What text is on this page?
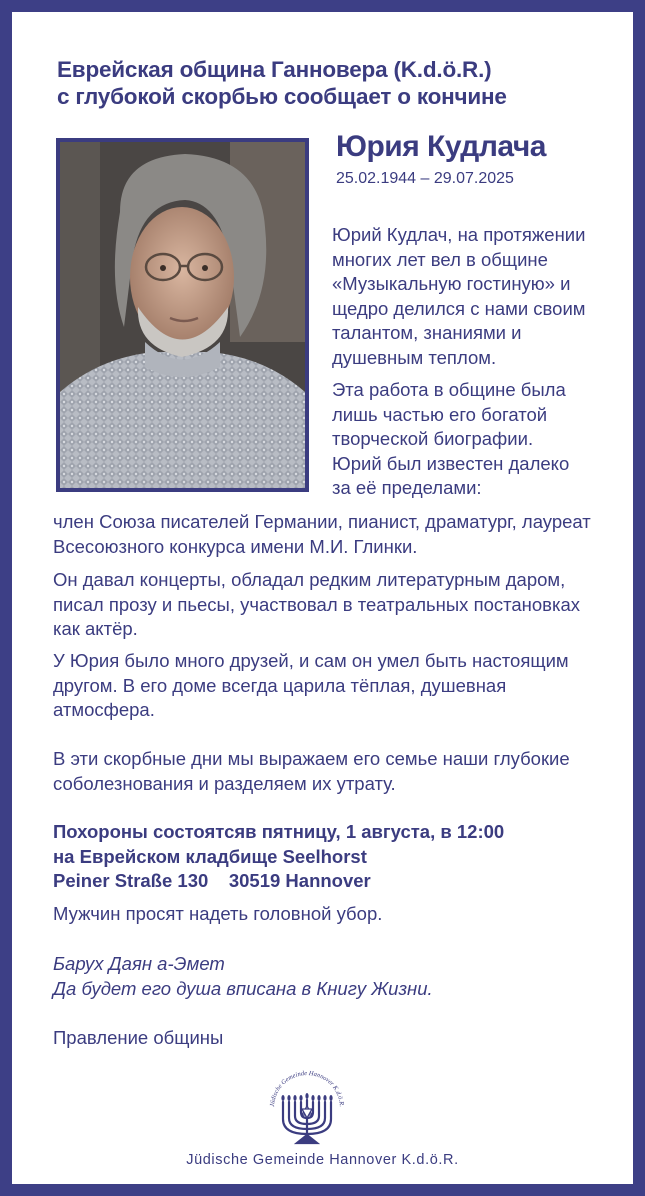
Еврейская община Ганновера (K.d.ö.R.)
с глубокой скорбью сообщает о кончине
Юрия Кудлача
25.02.1944 – 29.07.2025
Юрий Кудлач, на протяжении
многих лет вел в общине
«Музыкальную гостиную» и
щедро делился с нами своим
талантом, знаниями и
душевным теплом.
Эта работа в общине была
лишь частью его богатой
творческой биографии.
Юрий был известен далеко
за её пределами:
член Союза писателей Германии, пианист, драматург, лауреат
Всесоюзного конкурса имени М.И. Глинки.
Он давал концерты, обладал редким литературным даром,
писал прозу и пьесы, участвовал в театральных постановках
как актёр.
У Юрия было много друзей, и сам он умел быть настоящим
другом. В его доме всегда царила тёплая, душевная
атмосфера.
В эти скорбные дни мы выражаем его семье наши глубокие
соболезнования и разделяем их утрату.
Похороны состоятсяв пятницу, 1 августа, в 12:00
на Еврейском кладбище Seelhorst
Peiner Straße 130    30519 Hannover
Мужчин просят надеть головной убор.
Барух Даян а-Эмет
Да будет его душа вписана в Книгу Жизни.
Правление общины
Jüdische Gemeinde Hannover K.d.ö.R.
Jüdische Gemeinde Hannover K.d.ö.R.
